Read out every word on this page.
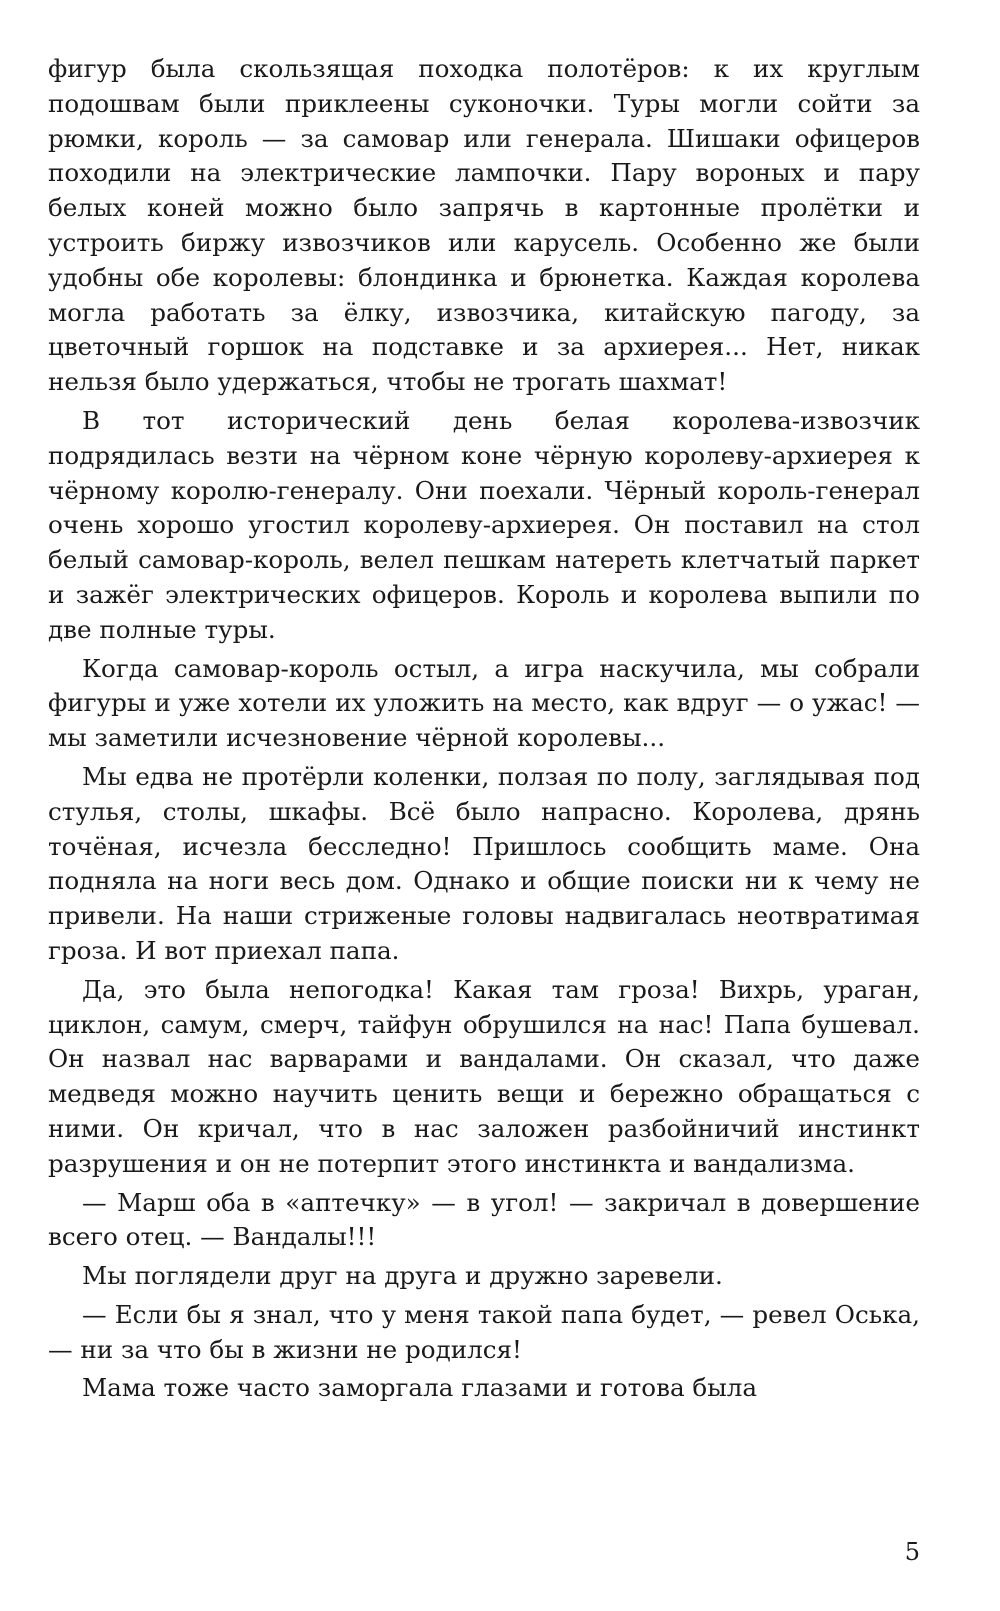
фигур была скользящая походка полотёров: к их круглым подошвам были приклеены суконочки. Туры могли сойти за рюмки, король — за самовар или генерала. Шишаки офицеров походили на электрические лампочки. Пару вороных и пару белых коней можно было запрячь в картонные пролётки и устроить биржу извозчиков или карусель. Особенно же были удобны обе королевы: блондинка и брюнетка. Каждая королева могла работать за ёлку, извозчика, китайскую пагоду, за цветочный горшок на подставке и за архиерея... Нет, никак нельзя было удержаться, чтобы не трогать шахмат!

В тот исторический день белая королева-извозчик подрядилась везти на чёрном коне чёрную королеву-архиерея к чёрному королю-генералу. Они поехали. Чёрный король-генерал очень хорошо угостил королеву-архиерея. Он поставил на стол белый самовар-король, велел пешкам натереть клетчатый паркет и зажёг электрических офицеров. Король и королева выпили по две полные туры.

Когда самовар-король остыл, а игра наскучила, мы собрали фигуры и уже хотели их уложить на место, как вдруг — о ужас! — мы заметили исчезновение чёрной королевы...

Мы едва не протёрли коленки, ползая по полу, заглядывая под стулья, столы, шкафы. Всё было напрасно. Королева, дрянь точёная, исчезла бесследно! Пришлось сообщить маме. Она подняла на ноги весь дом. Однако и общие поиски ни к чему не привели. На наши стриженые головы надвигалась неотвратимая гроза. И вот приехал папа.

Да, это была непогодка! Какая там гроза! Вихрь, ураган, циклон, самум, смерч, тайфун обрушился на нас! Папа бушевал. Он назвал нас варварами и вандалами. Он сказал, что даже медведя можно научить ценить вещи и бережно обращаться с ними. Он кричал, что в нас заложен разбойничий инстинкт разрушения и он не потерпит этого инстинкта и вандализма.

— Марш оба в «аптечку» — в угол! — закричал в довершение всего отец. — Вандалы!!!

Мы поглядели друг на друга и дружно заревели.

— Если бы я знал, что у меня такой папа будет, — ревел Оська, — ни за что бы в жизни не родился!

Мама тоже часто заморгала глазами и готова была

5
